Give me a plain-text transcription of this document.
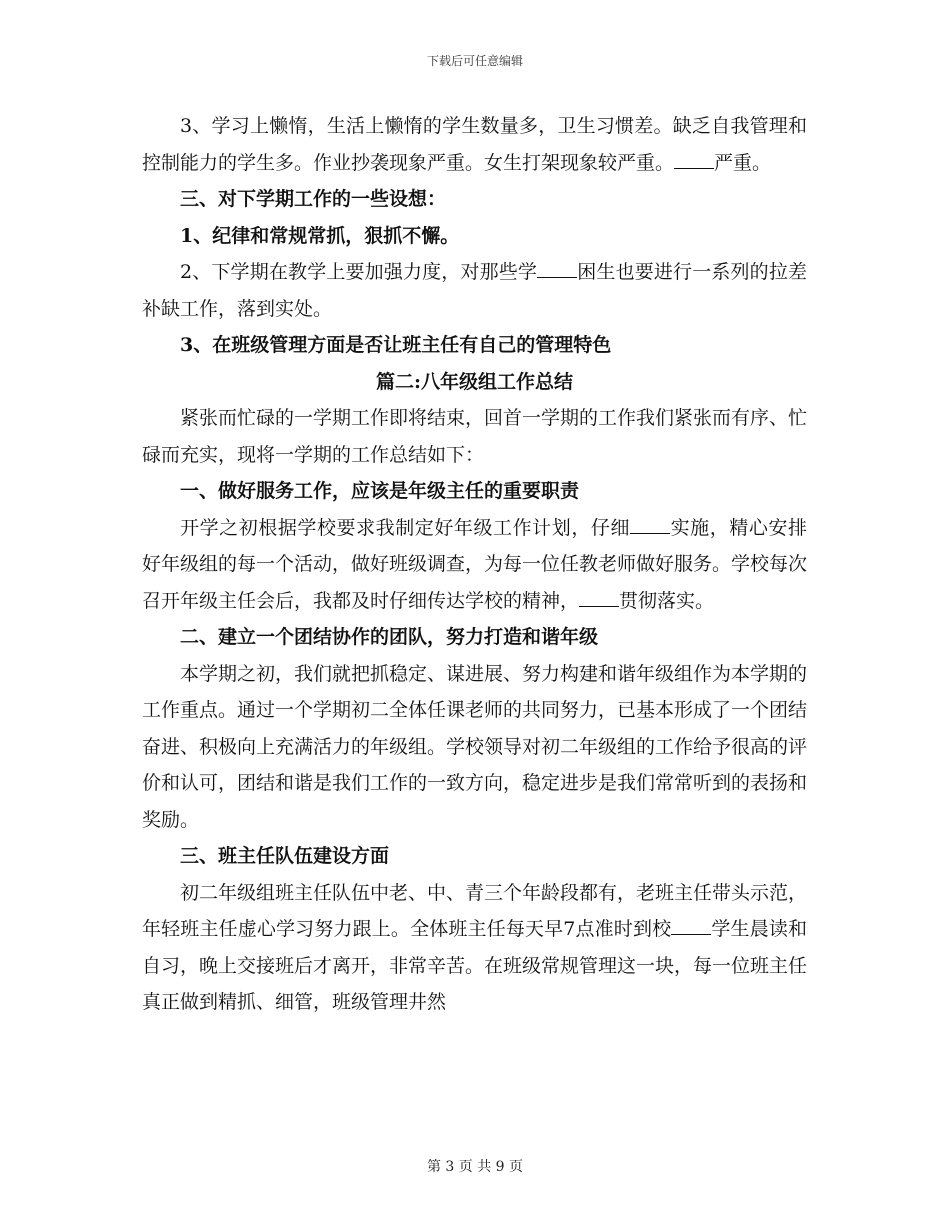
下载后可任意编辑

3、学习上懒惰，生活上懒惰的学生数量多，卫生习惯差。缺乏自我管理和控制能力的学生多。作业抄袭现象严重。女生打架现象较严重。 严重。

三、对下学期工作的一些设想：

1、纪律和常规常抓，狠抓不懈。

2、下学期在教学上要加强力度，对那些学 困生也要进行一系列的拉差补缺工作，落到实处。

3、在班级管理方面是否让班主任有自己的管理特色

篇二:八年级组工作总结

紧张而忙碌的一学期工作即将结束，回首一学期的工作我们紧张而有序、忙碌而充实，现将一学期的工作总结如下：

一、做好服务工作，应该是年级主任的重要职责

开学之初根据学校要求我制定好年级工作计划，仔细 实施，精心安排好年级组的每一个活动，做好班级调查，为每一位任教老师做好服务。学校每次召开年级主任会后，我都及时仔细传达学校的精神， 贯彻落实。

二、建立一个团结协作的团队，努力打造和谐年级

本学期之初，我们就把抓稳定、谋进展、努力构建和谐年级组作为本学期的工作重点。通过一个学期初二全体任课老师的共同努力，已基本形成了一个团结奋进、积极向上充满活力的年级组。学校领导对初二年级组的工作给予很高的评价和认可，团结和谐是我们工作的一致方向，稳定进步是我们常常听到的表扬和奖励。

三、班主任队伍建设方面

初二年级组班主任队伍中老、中、青三个年龄段都有，老班主任带头示范，年轻班主任虚心学习努力跟上。全体班主任每天早7点准时到校 学生晨读和自习，晚上交接班后才离开，非常辛苦。在班级常规管理这一块，每一位班主任真正做到精抓、细管，班级管理井然

第 3 页 共 9 页
